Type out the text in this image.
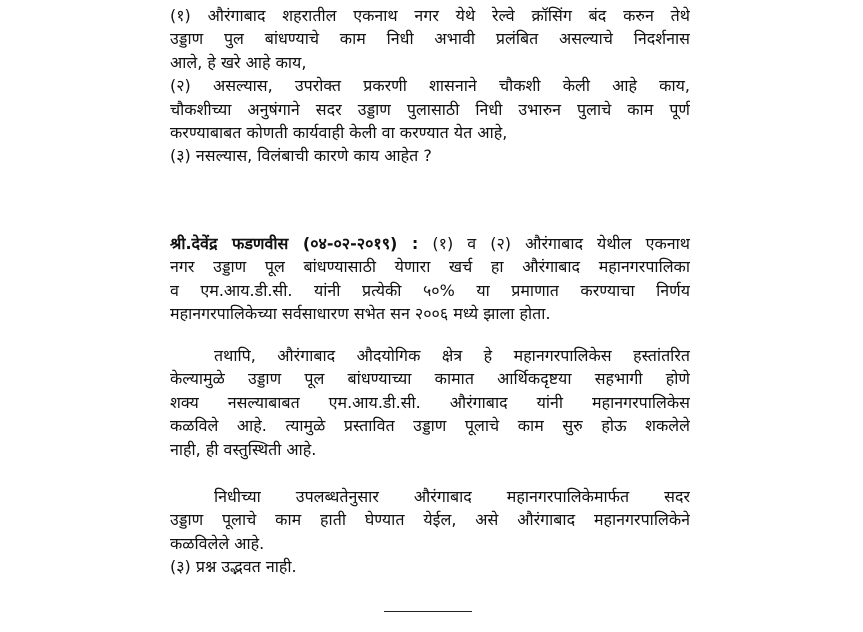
(१) औरंगाबाद शहरातील एकनाथ नगर येथे रेल्वे क्रॉसिंग बंद करुन तेथे
उड्डाण पुल बांधण्याचे काम निधी अभावी प्रलंबित असल्याचे निदर्शनास
आले, हे खरे आहे काय,
(२) असल्यास, उपरोक्त प्रकरणी शासनाने चौकशी केली आहे काय,
चौकशीच्या अनुषंगाने सदर उड्डाण पुलासाठी निधी उभारुन पुलाचे काम पूर्ण
करण्याबाबत कोणती कार्यवाही केली वा करण्यात येत आहे,
(३) नसल्यास, विलंबाची कारणे काय आहेत ?
श्री.देवेंद्र फडणवीस (०४-०२-२०१९) : (१) व (२) औरंगाबाद येथील एकनाथ
नगर उड्डाण पूल बांधण्यासाठी येणारा खर्च हा औरंगाबाद महानगरपालिका
व एम.आय.डी.सी. यांनी प्रत्येकी ५०% या प्रमाणात करण्याचा निर्णय
महानगरपालिकेच्या सर्वसाधारण सभेत सन २००६ मध्ये झाला होता.
तथापि, औरंगाबाद औदयोगिक क्षेत्र हे महानगरपालिकेस हस्तांतरित
केल्यामुळे उड्डाण पूल बांधण्याच्या कामात आर्थिकदृष्टया सहभागी होणे
शक्य नसल्याबाबत एम.आय.डी.सी. औरंगाबाद यांनी महानगरपालिकेस
कळविले आहे. त्यामुळे प्रस्तावित उड्डाण पूलाचे काम सुरु होऊ शकलेले
नाही, ही वस्तुस्थिती आहे.
निधीच्या उपलब्धतेनुसार औरंगाबाद महानगरपालिकेमार्फत सदर
उड्डाण पूलाचे काम हाती घेण्यात येईल, असे औरंगाबाद महानगरपालिकेने
कळविलेले आहे.
(३) प्रश्न उद्भवत नाही.
